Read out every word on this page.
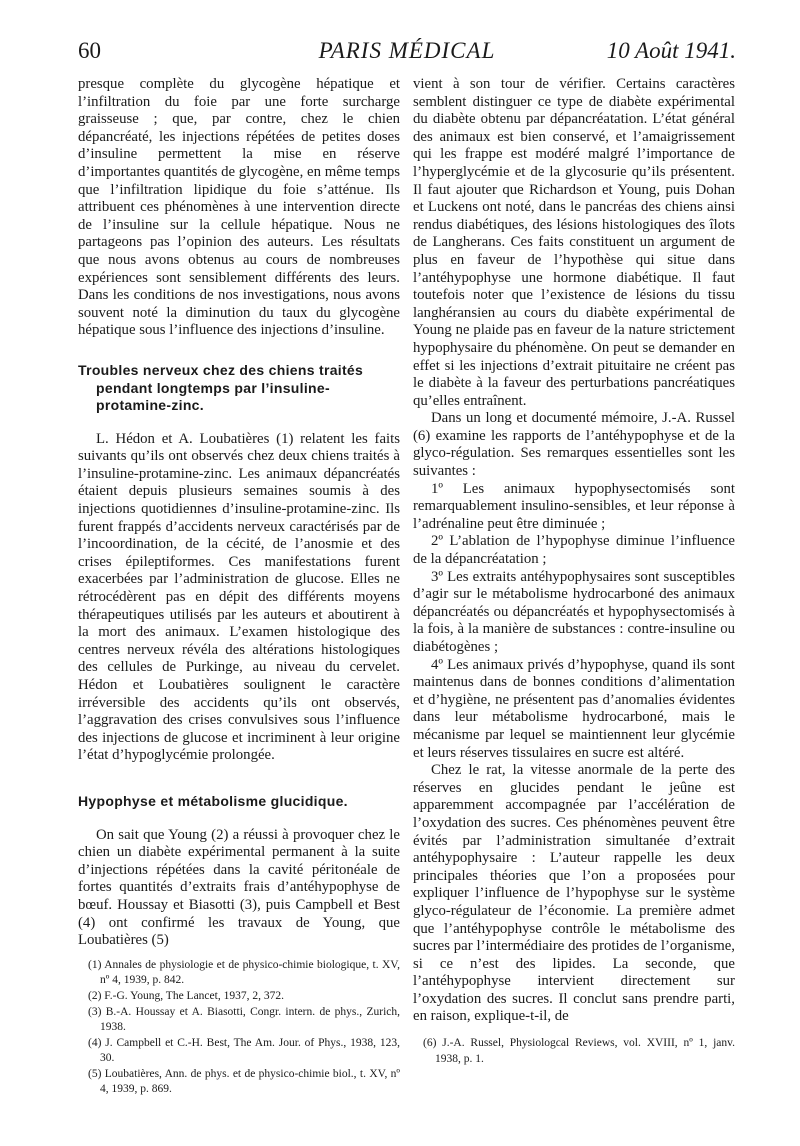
60	PARIS MÉDICAL	10 Août 1941.

presque complète du glycogène hépatique et l’infiltration du foie par une forte surcharge graisseuse ; que, par contre, chez le chien dépancréaté, les injections répétées de petites doses d’insuline permettent la mise en réserve d’importantes quantités de glycogène, en même temps que l’infiltration lipidique du foie s’atténue. Ils attribuent ces phénomènes à une intervention directe de l’insuline sur la cellule hépatique. Nous ne partageons pas l’opinion des auteurs. Les résultats que nous avons obtenus au cours de nombreuses expériences sont sensiblement différents des leurs. Dans les conditions de nos investigations, nous avons souvent noté la diminution du taux du glycogène hépatique sous l’influence des injections d’insuline.

Troubles nerveux chez des chiens traités pendant longtemps par l’insuline-protamine-zinc.

L. Hédon et A. Loubatières (1) relatent les faits suivants qu’ils ont observés chez deux chiens traités à l’insuline-protamine-zinc. Les animaux dépancréatés étaient depuis plusieurs semaines soumis à des injections quotidiennes d’insuline-protamine-zinc. Ils furent frappés d’accidents nerveux caractérisés par de l’incoordination, de la cécité, de l’anosmie et des crises épileptiformes. Ces manifestations furent exacerbées par l’administration de glucose. Elles ne rétrocédèrent pas en dépit des différents moyens thérapeutiques utilisés par les auteurs et aboutirent à la mort des animaux. L’examen histologique des centres nerveux révéla des altérations histologiques des cellules de Purkinge, au niveau du cervelet. Hédon et Loubatières soulignent le caractère irréversible des accidents qu’ils ont observés, l’aggravation des crises convulsives sous l’influence des injections de glucose et incriminent à leur origine l’état d’hypoglycémie prolongée.

Hypophyse et métabolisme glucidique.

On sait que Young (2) a réussi à provoquer chez le chien un diabète expérimental permanent à la suite d’injections répétées dans la cavité péritonéale de fortes quantités d’extraits frais d’antéhypophyse de bœuf. Houssay et Biasotti (3), puis Campbell et Best (4) ont confirmé les travaux de Young, que Loubatières (5)

(1) Annales de physiologie et de physico-chimie biologique, t. XV, nº 4, 1939, p. 842.

(2) F.-G. Young, The Lancet, 1937, 2, 372.

(3) B.-A. Houssay et A. Biasotti, Congr. intern. de phys., Zurich, 1938.

(4) J. Campbell et C.-H. Best, The Am. Jour. of Phys., 1938, 123, 30.

(5) Loubatières, Ann. de phys. et de physico-chimie biol., t. XV, nº 4, 1939, p. 869.

vient à son tour de vérifier. Certains caractères semblent distinguer ce type de diabète expérimental du diabète obtenu par dépancréatation. L’état général des animaux est bien conservé, et l’amaigrissement qui les frappe est modéré malgré l’importance de l’hyperglycémie et de la glycosurie qu’ils présentent. Il faut ajouter que Richardson et Young, puis Dohan et Luckens ont noté, dans le pancréas des chiens ainsi rendus diabétiques, des lésions histologiques des îlots de Langherans. Ces faits constituent un argument de plus en faveur de l’hypothèse qui situe dans l’antéhypophyse une hormone diabétique. Il faut toutefois noter que l’existence de lésions du tissu langhéransien au cours du diabète expérimental de Young ne plaide pas en faveur de la nature strictement hypophysaire du phénomène. On peut se demander en effet si les injections d’extrait pituitaire ne créent pas le diabète à la faveur des perturbations pancréatiques qu’elles entraînent.

Dans un long et documenté mémoire, J.-A. Russel (6) examine les rapports de l’antéhypophyse et de la glyco-régulation. Ses remarques essentielles sont les suivantes :

1º Les animaux hypophysectomisés sont remarquablement insulino-sensibles, et leur réponse à l’adrénaline peut être diminuée ;

2º L’ablation de l’hypophyse diminue l’influence de la dépancréatation ;

3º Les extraits antéhypophysaires sont susceptibles d’agir sur le métabolisme hydrocarboné des animaux dépancréatés ou dépancréatés et hypophysectomisés à la fois, à la manière de substances : contre-insuline ou diabétogènes ;

4º Les animaux privés d’hypophyse, quand ils sont maintenus dans de bonnes conditions d’alimentation et d’hygiène, ne présentent pas d’anomalies évidentes dans leur métabolisme hydrocarboné, mais le mécanisme par lequel se maintiennent leur glycémie et leurs réserves tissulaires en sucre est altéré.

Chez le rat, la vitesse anormale de la perte des réserves en glucides pendant le jeûne est apparemment accompagnée par l’accélération de l’oxydation des sucres. Ces phénomènes peuvent être évités par l’administration simultanée d’extrait antéhypophysaire : L’auteur rappelle les deux principales théories que l’on a proposées pour expliquer l’influence de l’hypophyse sur le système glyco-régulateur de l’économie. La première admet que l’antéhypophyse contrôle le métabolisme des sucres par l’intermédiaire des protides de l’organisme, si ce n’est des lipides. La seconde, que l’antéhypophyse intervient directement sur l’oxydation des sucres. Il conclut sans prendre parti, en raison, explique-t-il, de

(6) J.-A. Russel, Physiologcal Reviews, vol. XVIII, nº 1, janv. 1938, p. 1.
